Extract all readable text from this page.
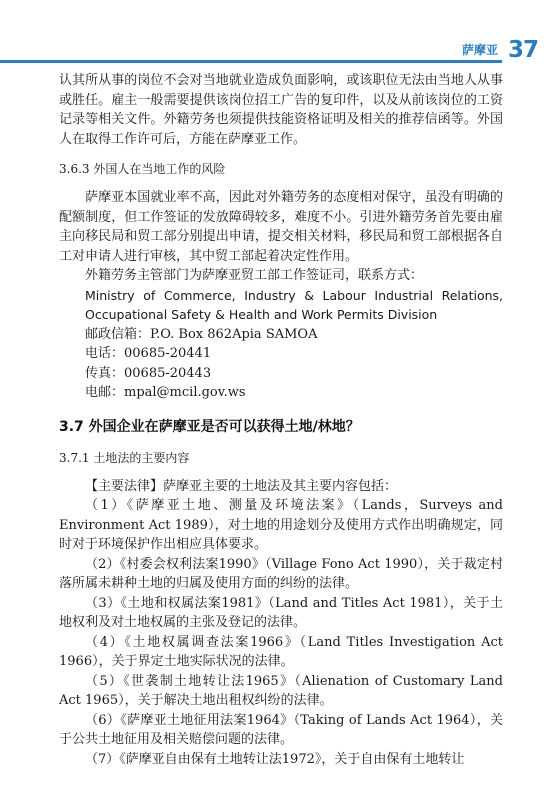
萨摩亚 37

认其所从事的岗位不会对当地就业造成负面影响，或该职位无法由当地人从事或胜任。雇主一般需要提供该岗位招工广告的复印件，以及从前该岗位的工资记录等相关文件。外籍劳务也须提供技能资格证明及相关的推荐信函等。外国人在取得工作许可后，方能在萨摩亚工作。

3.6.3 外国人在当地工作的风险

萨摩亚本国就业率不高，因此对外籍劳务的态度相对保守，虽没有明确的配额制度，但工作签证的发放障碍较多，难度不小。引进外籍劳务首先要由雇主向移民局和贸工部分别提出申请，提交相关材料，移民局和贸工部根据各自工对申请人进行审核，其中贸工部起着决定性作用。

外籍劳务主管部门为萨摩亚贸工部工作签证司，联系方式：

Ministry of Commerce, Industry & Labour Industrial Relations, Occupational Safety & Health and Work Permits Division

邮政信箱：P.O. Box 862Apia SAMOA

电话：00685-20441

传真：00685-20443

电邮：mpal@mcil.gov.ws

3.7 外国企业在萨摩亚是否可以获得土地/林地？

3.7.1 土地法的主要内容

【主要法律】萨摩亚主要的土地法及其主要内容包括：

（1）《萨摩亚土地、测量及环境法案》（Lands，Surveys and Environment Act 1989），对土地的用途划分及使用方式作出明确规定，同时对于环境保护作出相应具体要求。

（2）《村委会权利法案1990》（Village Fono Act 1990），关于裁定村落所属未耕种土地的归属及使用方面的纠纷的法律。

（3）《土地和权属法案1981》（Land and Titles Act 1981），关于土地权利及对土地权属的主张及登记的法律。

（4）《土地权属调查法案1966》（Land Titles Investigation Act 1966），关于界定土地实际状况的法律。

（5）《世袭制土地转让法1965》（Alienation of Customary Land Act 1965），关于解决土地出租权纠纷的法律。

（6）《萨摩亚土地征用法案1964》（Taking of Lands Act 1964），关于公共土地征用及相关赔偿问题的法律。

（7）《萨摩亚自由保有土地转让法1972》，关于自由保有土地转让
